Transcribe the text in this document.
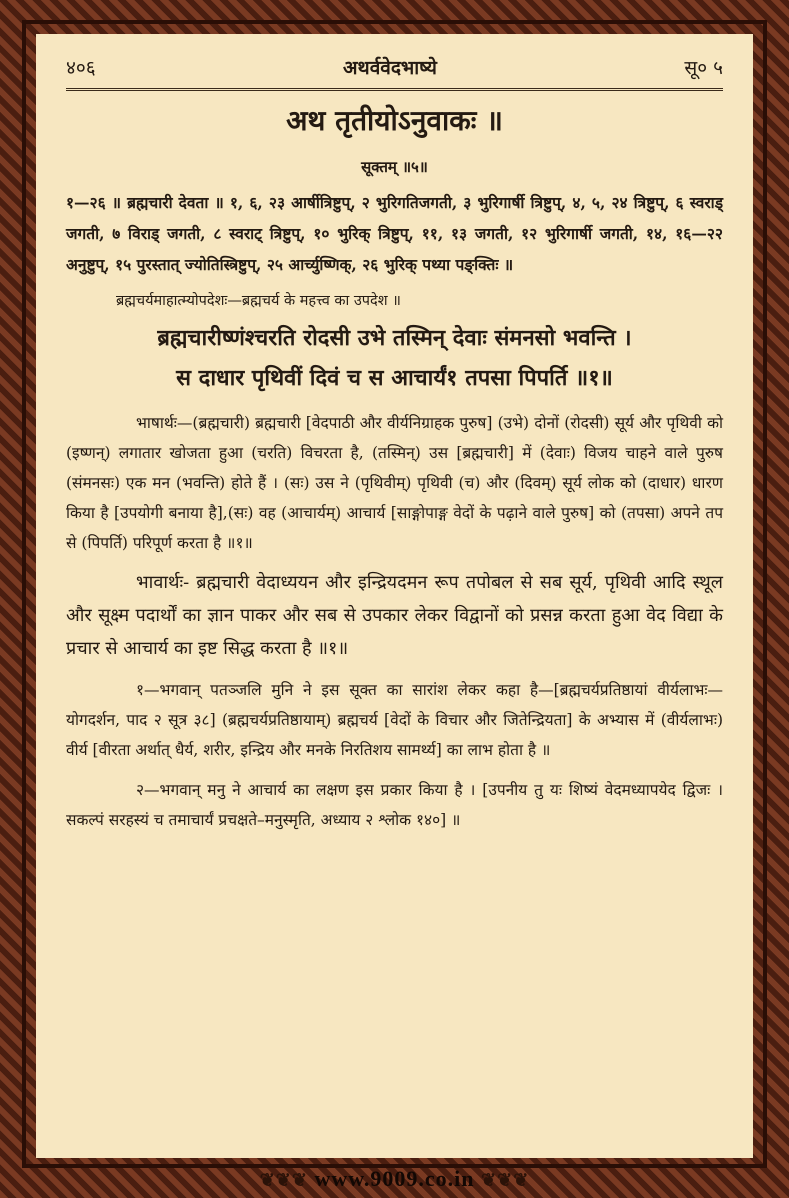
४०६	अथर्ववेदभाष्ये	सू० ५
अथ तृतीयोऽनुवाकः ॥
सूक्तम् ॥५॥
१—२६ ॥ ब्रह्मचारी देवता ॥ १, ६, २३ आर्षीत्रिष्टुप्, २ भुरिगतिजगती, ३ भुरिगार्षी त्रिष्टुप्, ४, ५, २४ त्रिष्टुप्, ६ स्वराड् जगती, ७ विराड् जगती, ८ स्वराट् त्रिष्टुप्, १० भुरिक् त्रिष्टुप्, ११, १३ जगती, १२ भुरिगार्षी जगती, १४, १६—२२ अनुष्टुप्, १५ पुरस्तात् ज्योतिस्त्रिष्टुप्, २५ आर्च्युष्णिक्, २६ भुरिक् पथ्या पङ्क्तिः ॥
ब्रह्मचर्यमाहात्म्योपदेशः—ब्रह्मचर्य के महत्त्व का उपदेश ॥
ब्रह्मचारीष्णंश्चरति रोदसी उभे तस्मिन् देवाः संमनसो भवन्ति ।
स दाधार पृथिवीं दिवं च स आचार्यं१ तपसा पिपर्ति ॥१॥
भाषार्थः—(ब्रह्मचारी) ब्रह्मचारी [वेदपाठी और वीर्यनिग्राहक पुरुष] (उभे) दोनों (रोदसी) सूर्य और पृथिवी को (इष्णन्) लगातार खोजता हुआ (चरति) विचरता है, (तस्मिन्) उस [ब्रह्मचारी] में (देवाः) विजय चाहने वाले पुरुष (संमनसः) एक मन (भवन्ति) होते हैं । (सः) उस ने (पृथिवीम्) पृथिवी (च) और (दिवम्) सूर्य लोक को (दाधार) धारण किया है [उपयोगी बनाया है],(सः) वह (आचार्यम्) आचार्य [साङ्गोपाङ्ग वेदों के पढ़ाने वाले पुरुष] को (तपसा) अपने तप से (पिपर्ति) परिपूर्ण करता है ॥१॥
भावार्थः- ब्रह्मचारी वेदाध्ययन और इन्द्रियदमन रूप तपोबल से सब सूर्य, पृथिवी आदि स्थूल और सूक्ष्म पदार्थों का ज्ञान पाकर और सब से उपकार लेकर विद्वानों को प्रसन्न करता हुआ वेद विद्या के प्रचार से आचार्य का इष्ट सिद्ध करता है ॥१॥
१—भगवान् पतञ्जलि मुनि ने इस सूक्त का सारांश लेकर कहा है—[ब्रह्मचर्यप्रतिष्ठायां वीर्यलाभः—योगदर्शन, पाद २ सूत्र ३८] (ब्रह्मचर्यप्रतिष्ठायाम्) ब्रह्मचर्य [वेदों के विचार और जितेन्द्रियता] के अभ्यास में (वीर्यलाभः) वीर्य [वीरता अर्थात् धैर्य, शरीर, इन्द्रिय और मनके निरतिशय सामर्थ्य] का लाभ होता है ॥
२—भगवान् मनु ने आचार्य का लक्षण इस प्रकार किया है । [उपनीय तु यः शिष्यं वेदमध्यापयेद द्विजः । सकल्पं सरहस्यं च तमाचार्यं प्रचक्षते–मनुस्मृति, अध्याय २ श्लोक १४०] ॥
❦❦❦ www.9009.co.in ❦❦❦
